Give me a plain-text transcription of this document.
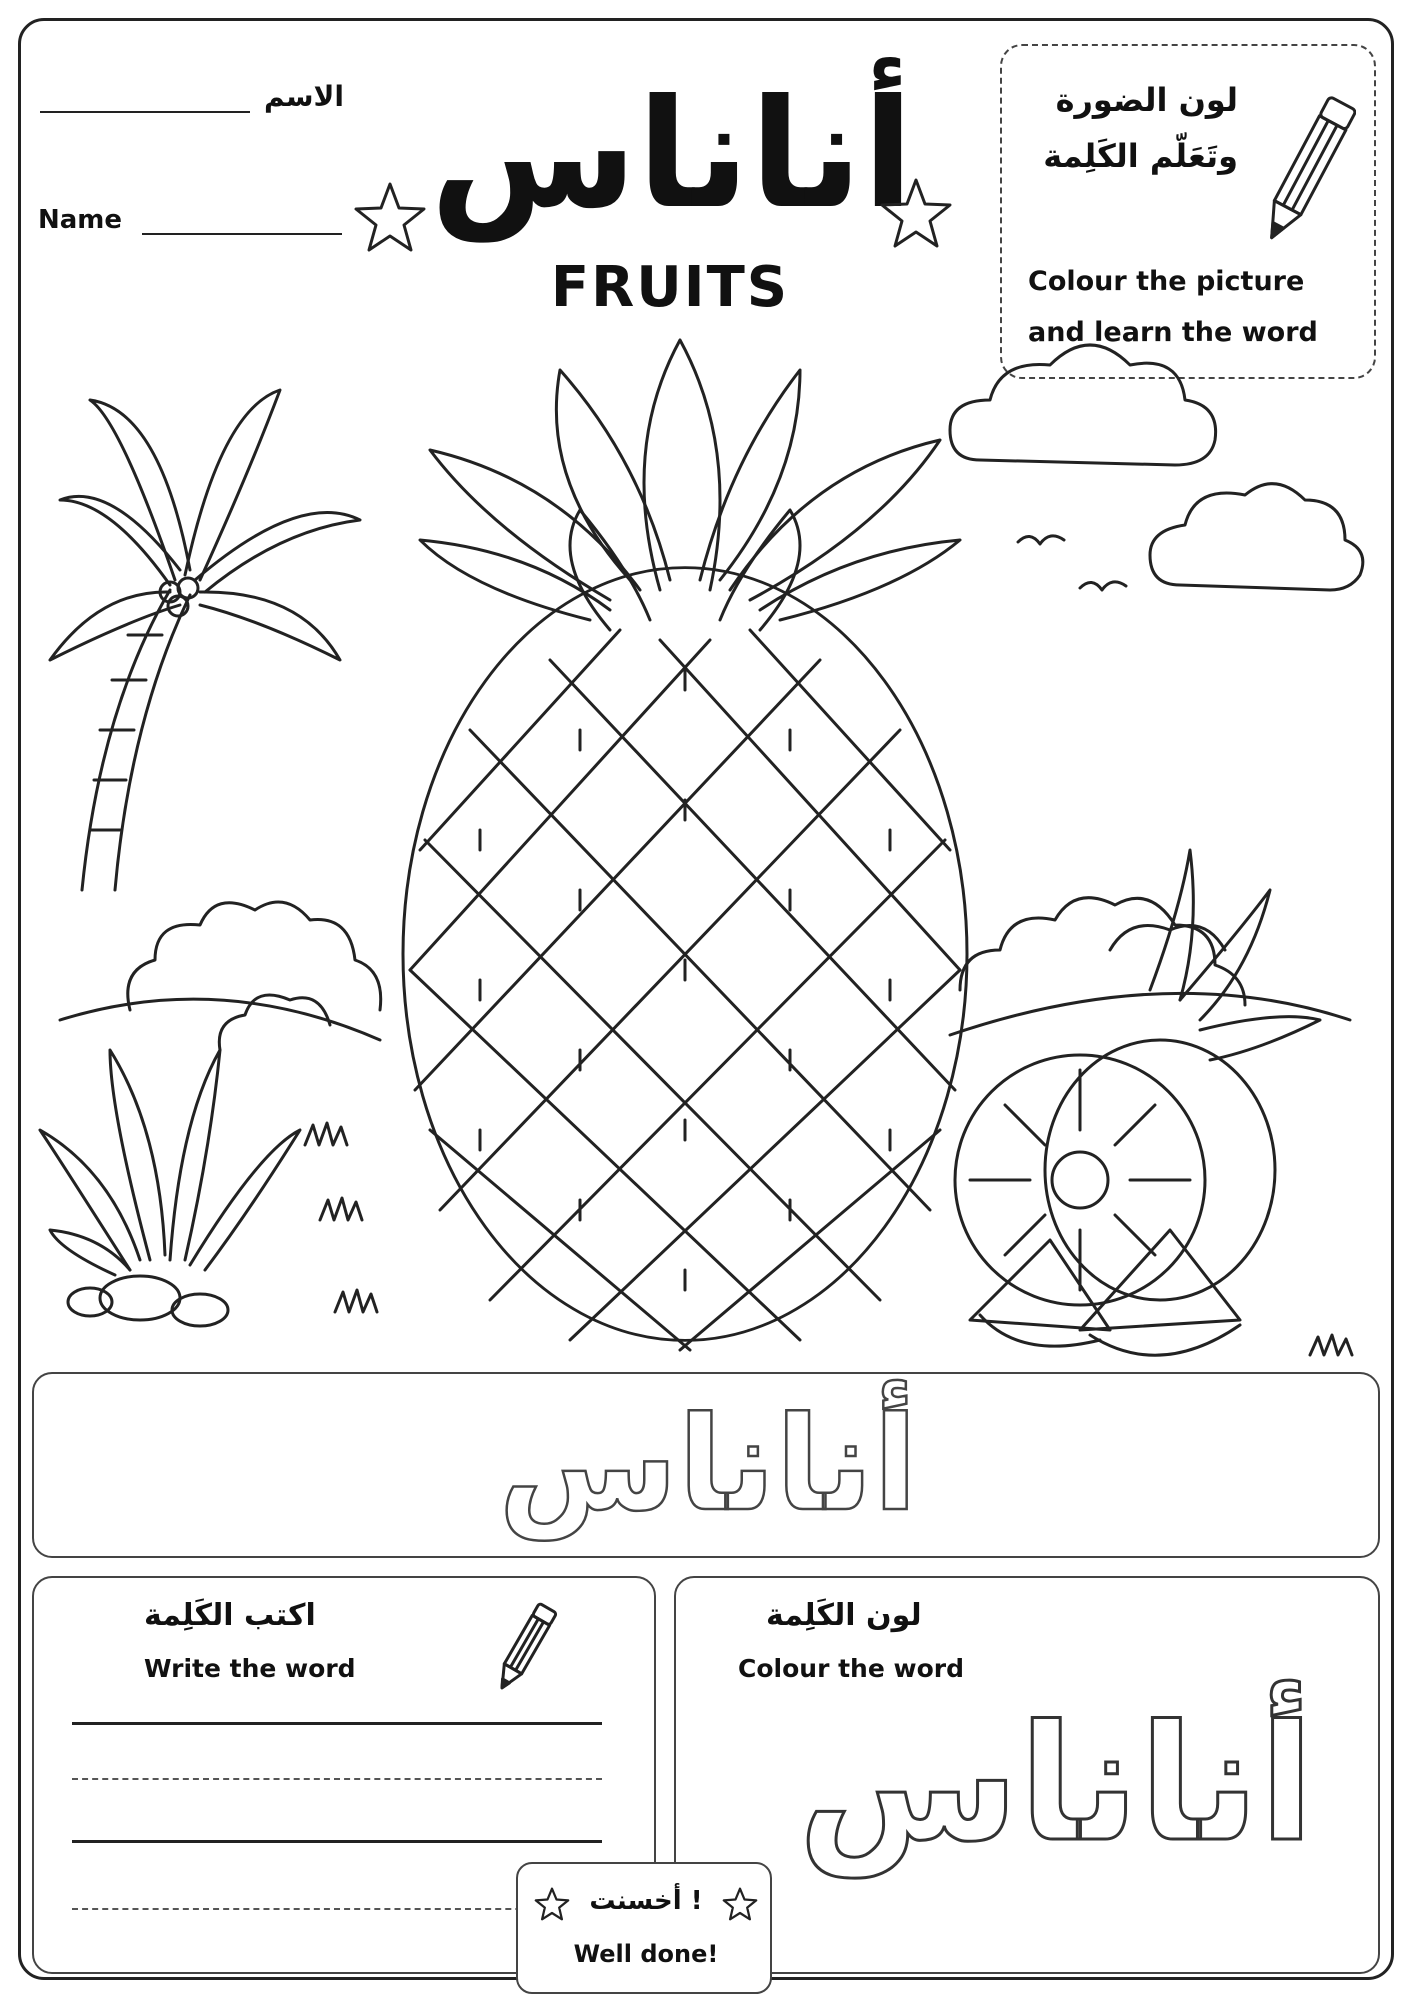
الاسم
Name	أناناس
FRUITS
لون الضورة
وتَعَلّم الكَلِمة
Colour the picture
and learn the word
أناناس
اكتب الكَلِمة
Write the word
لون الكَلِمة
Colour the word
أناناس
أخسنت !
Well done!
